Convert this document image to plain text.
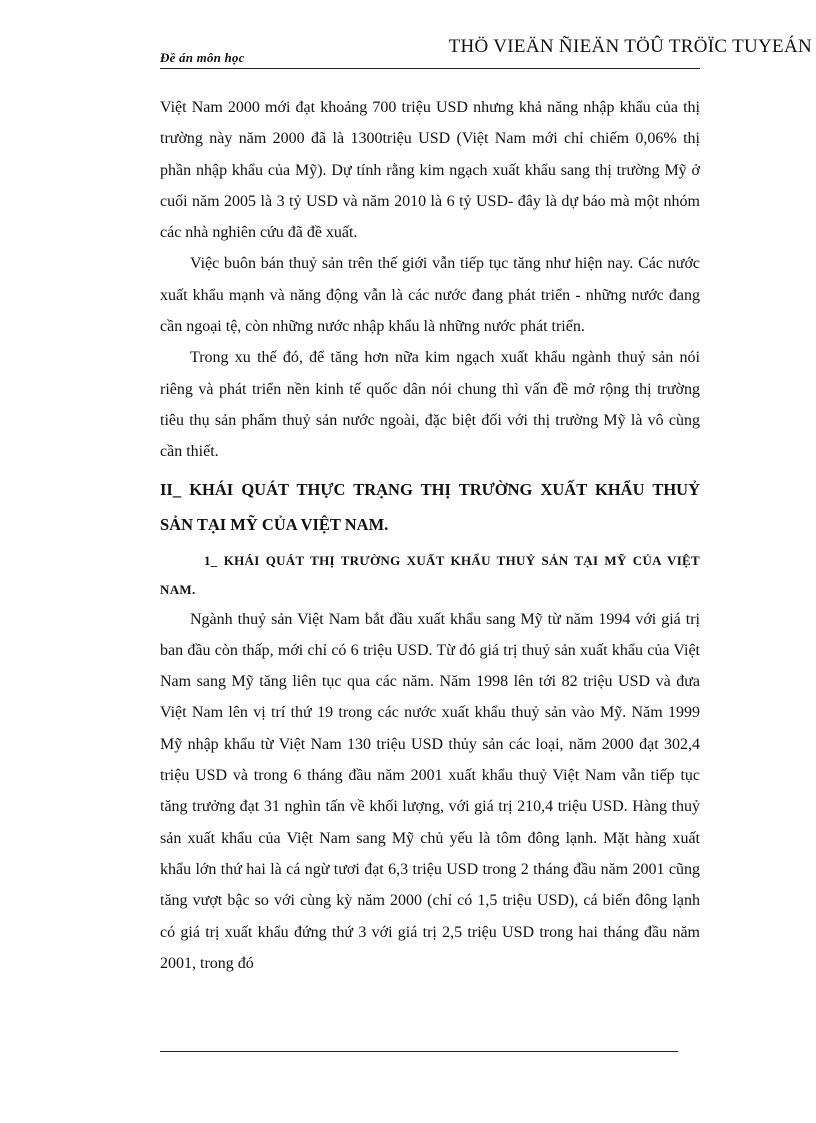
Đề án môn học
THÖ VIEÄN ÑIEÄN TÖÛ TRÖÏC TUYEÁN

Việt Nam 2000 mới đạt khoảng 700 triệu USD nhưng khả năng nhập khẩu của thị trường này năm 2000 đã là 1300triệu USD (Việt Nam mới chỉ chiếm 0,06% thị phần nhập khẩu của Mỹ). Dự tính rằng kim ngạch xuất khẩu sang thị trường Mỹ ở cuối năm 2005 là 3 tỷ USD và năm 2010 là 6 tỷ USD- đây là dự báo mà một nhóm các nhà nghiên cứu đã đề xuất.

Việc buôn bán thuỷ sản trên thế giới vẫn tiếp tục tăng như hiện nay. Các nước xuất khẩu mạnh và năng động vẫn là các nước đang phát triển - những nước đang cần ngoại tệ, còn những nước nhập khẩu là những nước phát triển.

Trong xu thế đó, để tăng hơn nữa kim ngạch xuất khẩu ngành thuỷ sản nói riêng và phát triển nền kinh tế quốc dân nói chung thì vấn đề mở rộng thị trường tiêu thụ sản phẩm thuỷ sản nước ngoài, đặc biệt đối với thị trường Mỹ là vô cùng cần thiết.

II_ KHÁI QUÁT THỰC TRẠNG THỊ TRƯỜNG XUẤT KHẨU THUỶ SẢN TẠI MỸ CỦA VIỆT NAM.
1_ KHÁI QUÁT THỊ TRƯỜNG XUẤT KHẨU THUỶ SẢN TẠI MỸ CỦA VIỆT NAM.

Ngành thuỷ sản Việt Nam bắt đầu xuất khẩu sang Mỹ từ năm 1994 với giá trị ban đầu còn thấp, mới chỉ có 6 triệu USD. Từ đó giá trị thuỷ sản xuất khẩu của Việt Nam sang Mỹ tăng liên tục qua các năm. Năm 1998 lên tới 82 triệu USD và đưa Việt Nam lên vị trí thứ 19 trong các nước xuất khẩu thuỷ sản vào Mỹ. Năm 1999 Mỹ nhập khẩu từ Việt Nam 130 triệu USD thủy sản các loại, năm 2000 đạt 302,4 triệu USD và trong 6 tháng đầu năm 2001 xuất khẩu thuỷ Việt Nam vẫn tiếp tục tăng trưởng đạt 31 nghìn tấn về khối lượng, với giá trị 210,4 triệu USD. Hàng thuỷ sản xuất khẩu của Việt Nam sang Mỹ chủ yếu là tôm đông lạnh. Mặt hàng xuất khẩu lớn thứ hai là cá ngừ tươi đạt 6,3 triệu USD trong 2 tháng đầu năm 2001 cũng tăng vượt bậc so với cùng kỳ năm 2000 (chỉ có 1,5 triệu USD), cá biển đông lạnh có giá trị xuất khẩu đứng thứ 3 với giá trị 2,5 triệu USD trong hai tháng đầu năm 2001, trong đó
